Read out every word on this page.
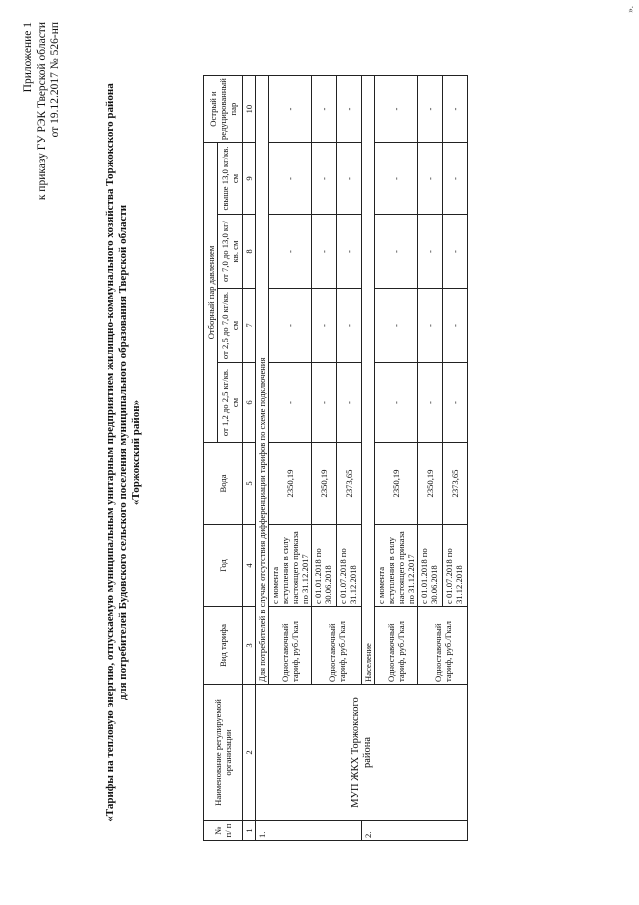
Приложение 1 к приказу ГУ РЭК Тверской области от 19.12.2017 № 526-нп
«Тарифы на тепловую энергию, отпускаемую муниципальным унитарным предприятием жилищно-коммунального хозяйства Торжокского района для потребителей Будовского сельского поселения муниципального образования Тверской области «Торжокский район»
№ п/ п	Наименование регулируемой организации	Вид тарифа	Год	Вода	Отборный пар давлением				Острый и редуцированный пар
					от 1,2 до 2,5 кг/кв. см	от 2,5 до 7,0 кг/кв. см	от 7,0 до 13,0 кг/кв. см	свыше 13,0 кг/кв. см	
1	2	3	4	5	6	7	8	9	10
1.	МУП ЖКХ Торжокского района	Для потребителей в случае отсутствия дифференциации тарифов по схеме подключения							
		Одноставочный тариф, руб./Гкал	с момента вступления в силу настоящего приказа по 31.12.2017	2350,19	-	-	-	-	-
		Одноставочный тариф, руб./Гкал	с 01.01.2018 по 30.06.2018	2350,19	-	-	-	-	-
			с 01.07.2018 по 31.12.2018	2373,65	-	-	-	-	-
2.		Население							
		Одноставочный тариф, руб./Гкал	с момента вступления в силу настоящего приказа по 31.12.2017	2350,19	-	-	-	-	-
		Одноставочный тариф, руб./Гкал	с 01.01.2018 по 30.06.2018	2350,19	-	-	-	-	-
			с 01.07.2018 по 31.12.2018	2373,65	-	-	-	-	-
».
